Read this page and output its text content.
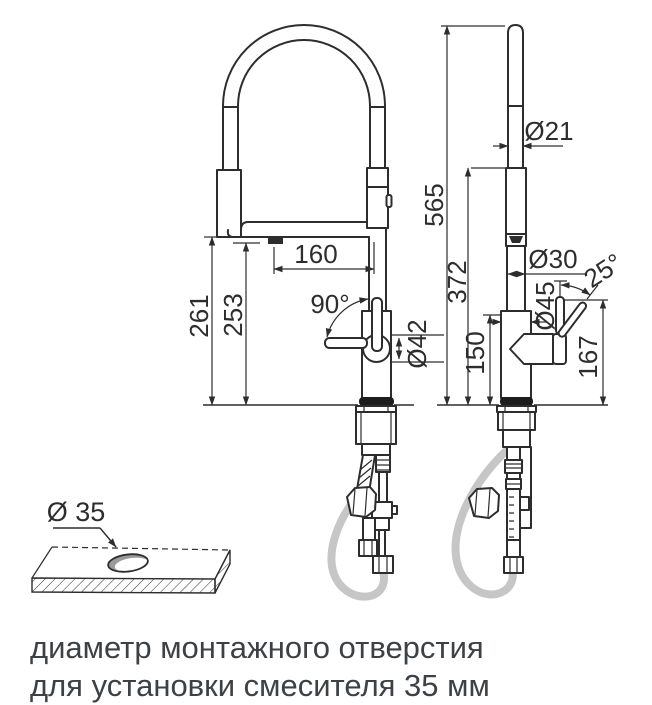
261 253
160
90°
Ø42
565
372
150	167
Ø21
Ø30
Ø45
25°
Ø 35
диаметр монтажного отверстия
для установки смесителя 35 мм
